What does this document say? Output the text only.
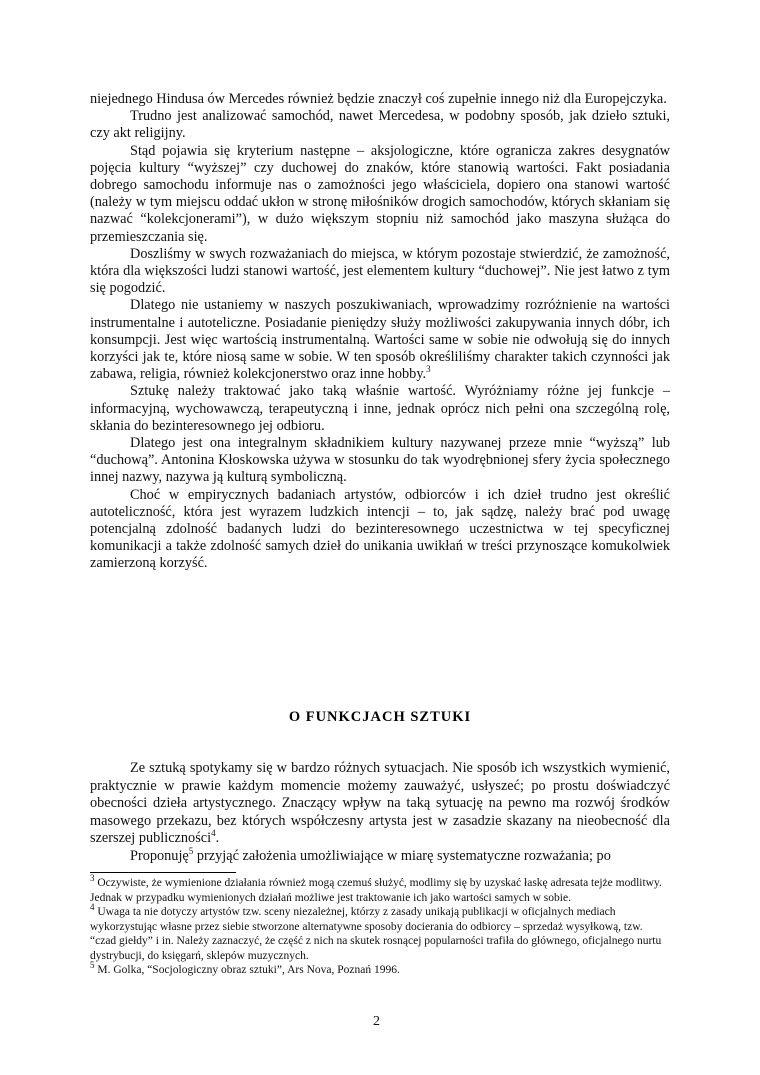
niejednego Hindusa ów Mercedes również będzie znaczył coś zupełnie innego niż dla Europejczyka.

Trudno jest analizować samochód, nawet Mercedesa, w podobny sposób, jak dzieło sztuki, czy akt religijny.

Stąd pojawia się kryterium następne – aksjologiczne, które ogranicza zakres desygnatów pojęcia kultury “wyższej” czy duchowej do znaków, które stanowią wartości. Fakt posiadania dobrego samochodu informuje nas o zamożności jego właściciela, dopiero ona stanowi wartość (należy w tym miejscu oddać ukłon w stronę miłośników drogich samochodów, których skłaniam się nazwać “kolekcjonerami”), w dużo większym stopniu niż samochód jako maszyna służąca do przemieszczania się.

Doszliśmy w swych rozważaniach do miejsca, w którym pozostaje stwierdzić, że zamożność, która dla większości ludzi stanowi wartość, jest elementem kultury “duchowej”. Nie jest łatwo z tym się pogodzić.

Dlatego nie ustaniemy w naszych poszukiwaniach, wprowadzimy rozróżnienie na wartości instrumentalne i autoteliczne. Posiadanie pieniędzy służy możliwości zakupywania innych dóbr, ich konsumpcji. Jest więc wartością instrumentalną. Wartości same w sobie nie odwołują się do innych korzyści jak te, które niosą same w sobie. W ten sposób określiliśmy charakter takich czynności jak zabawa, religia, również kolekcjonerstwo oraz inne hobby.$^3$

Sztukę należy traktować jako taką właśnie wartość. Wyróżniamy różne jej funkcje – informacyjną, wychowawczą, terapeutyczną i inne, jednak oprócz nich pełni ona szczególną rolę, skłania do bezinteresownego jej odbioru.

Dlatego jest ona integralnym składnikiem kultury nazywanej przeze mnie “wyższą” lub “duchową”. Antonina Kłoskowska używa w stosunku do tak wyodrębnionej sfery życia społecznego innej nazwy, nazywa ją kulturą symboliczną.

Choć w empirycznych badaniach artystów, odbiorców i ich dzieł trudno jest określić autoteliczność, która jest wyrazem ludzkich intencji – to, jak sądzę, należy brać pod uwagę potencjalną zdolność badanych ludzi do bezinteresownego uczestnictwa w tej specyficznej komunikacji a także zdolność samych dzieł do unikania uwikłań w treści przynoszące komukolwiek zamierzoną korzyść.

O FUNKCJACH SZTUKI

Ze sztuką spotykamy się w bardzo różnych sytuacjach. Nie sposób ich wszystkich wymienić, praktycznie w prawie każdym momencie możemy zauważyć, usłyszeć; po prostu doświadczyć obecności dzieła artystycznego. Znaczący wpływ na taką sytuację na pewno ma rozwój środków masowego przekazu, bez których współczesny artysta jest w zasadzie skazany na nieobecność dla szerszej publiczności$^4$.

Proponuję$^5$ przyjąć założenia umożliwiające w miarę systematyczne rozważania; po

$^3$ Oczywiste, że wymienione działania również mogą czemuś służyć, modlimy się by uzyskać łaskę adresata tejże modlitwy. Jednak w przypadku wymienionych działań możliwe jest traktowanie ich jako wartości samych w sobie.

$^4$ Uwaga ta nie dotyczy artystów tzw. sceny niezależnej, którzy z zasady unikają publikacji w oficjalnych mediach wykorzystując własne przez siebie stworzone alternatywne sposoby docierania do odbiorcy – sprzedaż wysyłkową, tzw. “czad giełdy” i in. Należy zaznaczyć, że część z nich na skutek rosnącej popularności trafiła do głównego, oficjalnego nurtu dystrybucji, do księgarń, sklepów muzycznych.

$^5$ M. Golka, “Socjologiczny obraz sztuki”, Ars Nova, Poznań 1996.

2
